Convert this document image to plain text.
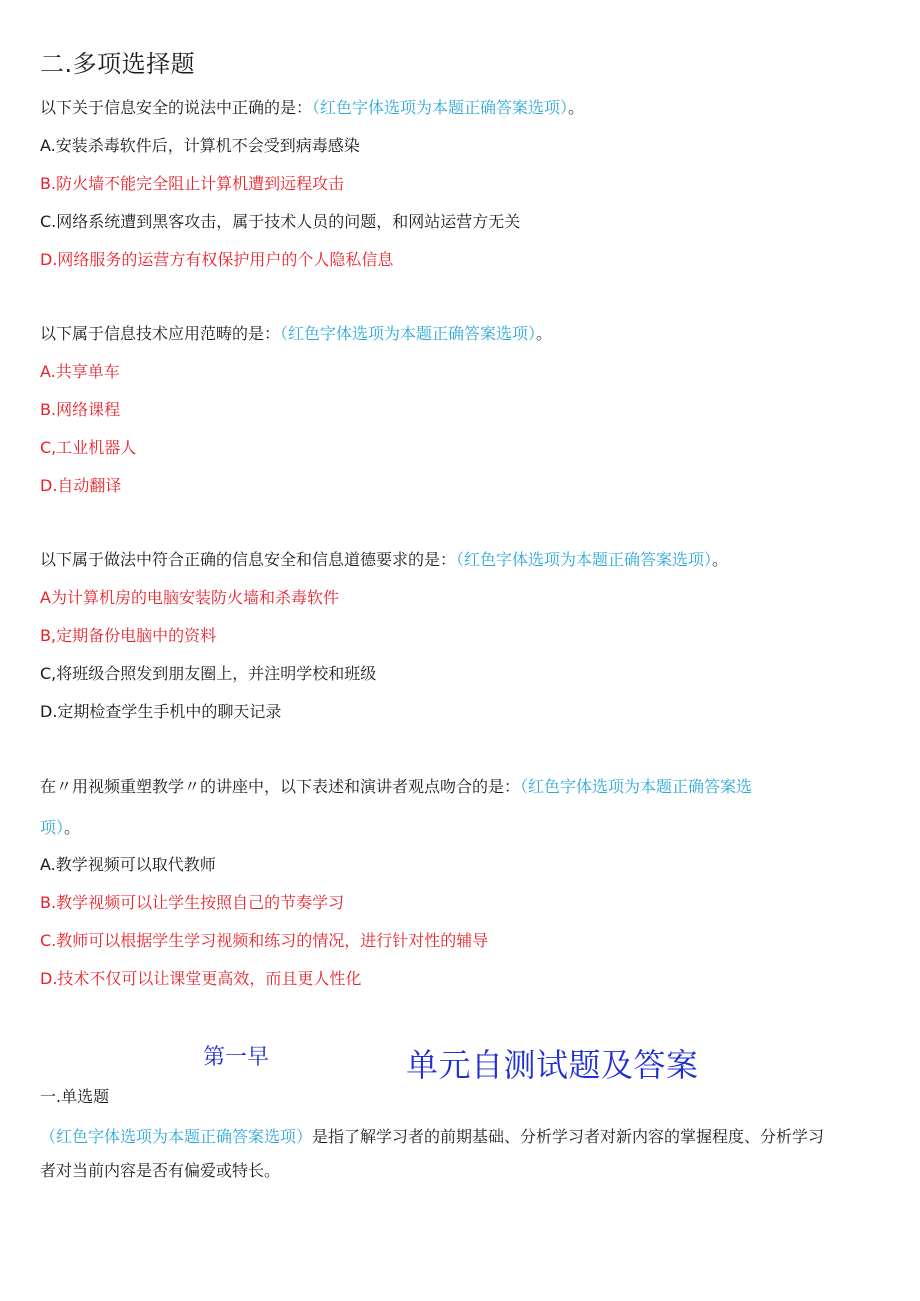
二.多项选择题
以下关于信息安全的说法中正确的是：（红色字体选项为本题正确答案选项）。
A.安装杀毒软件后，计算机不会受到病毒感染
B.防火墙不能完全阻止计算机遭到远程攻击
C.网络系统遭到黑客攻击，属于技术人员的问题，和网站运营方无关
D.网络服务的运营方有权保护用户的个人隐私信息
以下属于信息技术应用范畴的是：（红色字体选项为本题正确答案选项）。
A.共享单车
B.网络课程
C,工业机器人
D.自动翻译
以下属于做法中符合正确的信息安全和信息道德要求的是：（红色字体选项为本题正确答案选项）。
A为计算机房的电脑安装防火墙和杀毒软件
B,定期备份电脑中的资料
C,将班级合照发到朋友圈上，并注明学校和班级
D.定期检查学生手机中的聊天记录
在〃用视频重塑教学〃的讲座中，以下表述和演讲者观点吻合的是：（红色字体选项为本题正确答案选
项）。
A.教学视频可以取代教师
B.教学视频可以让学生按照自己的节奏学习
C.教师可以根据学生学习视频和练习的情况，进行针对性的辅导
D.技术不仅可以让课堂更高效，而且更人性化
第一早	单元自测试题及答案
一.单选题
（红色字体选项为本题正确答案选项）是指了解学习者的前期基础、分析学习者对新内容的掌握程度、分析学习
者对当前内容是否有偏爱或特长。
